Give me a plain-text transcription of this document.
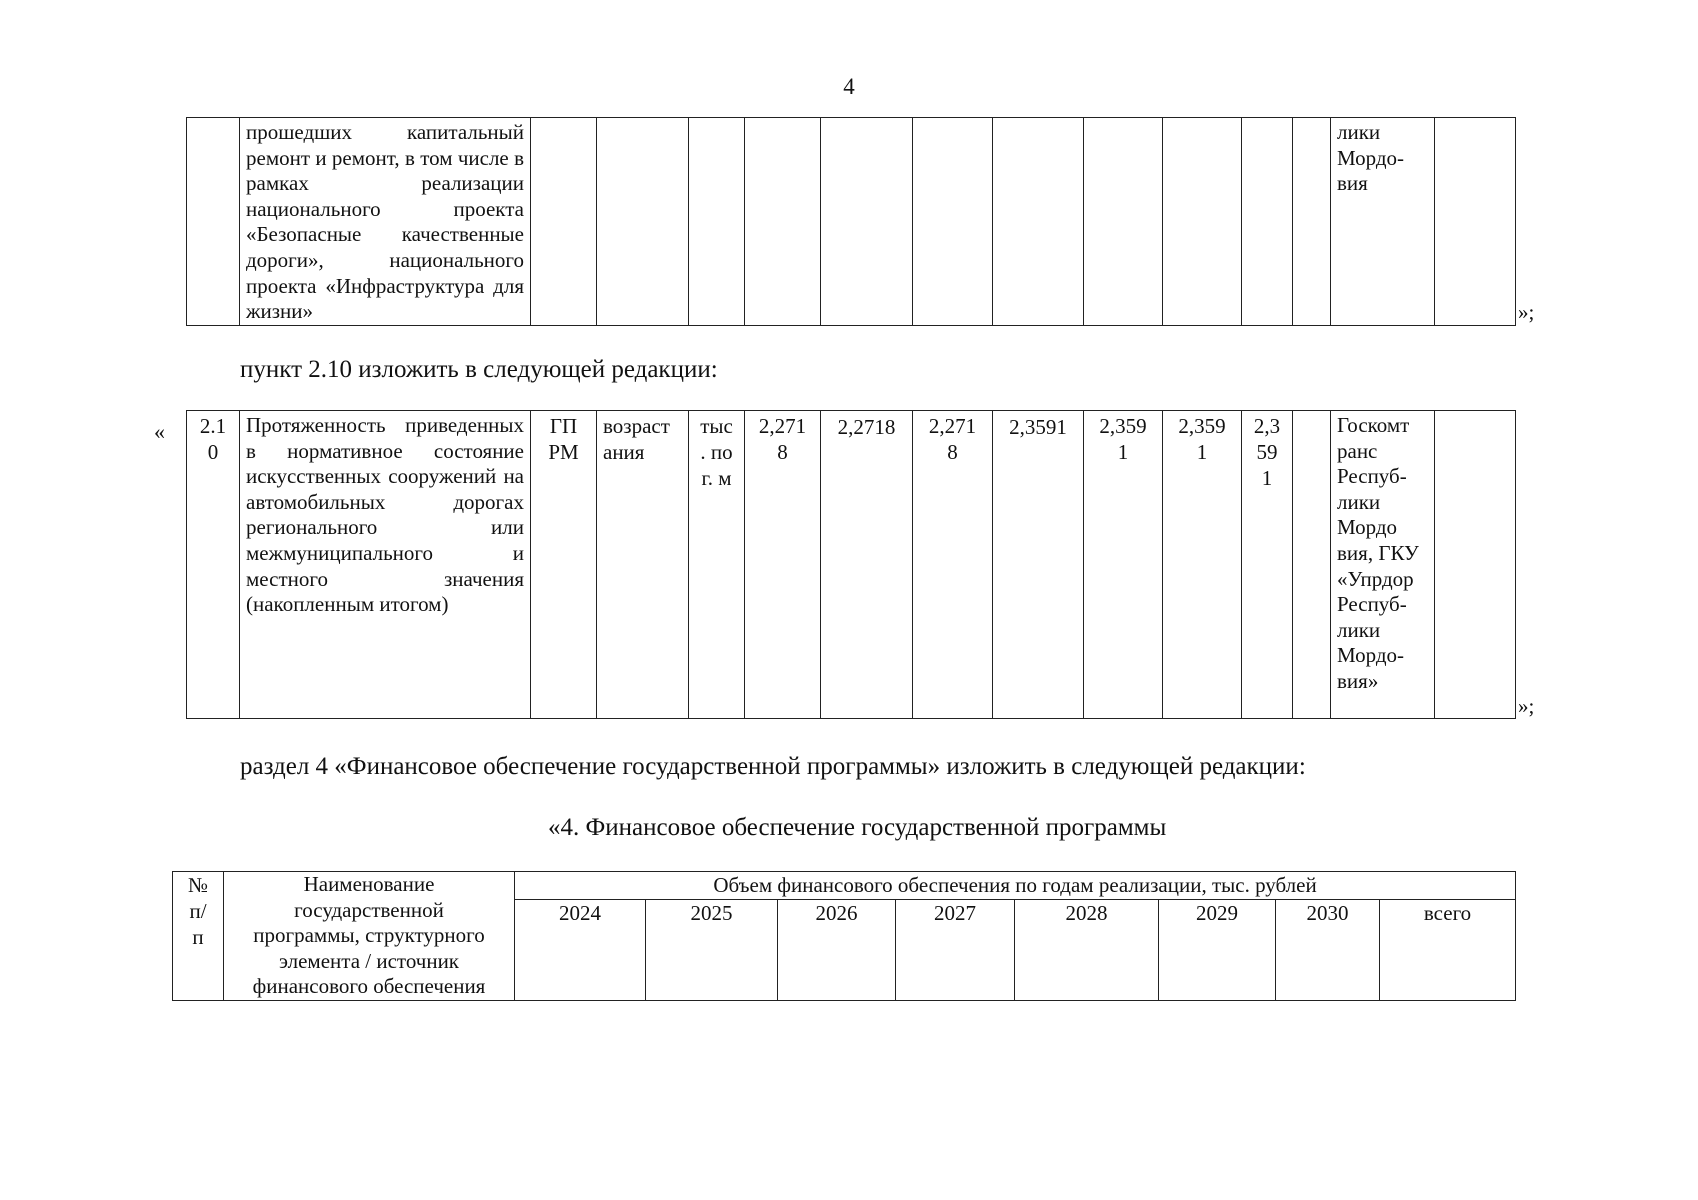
4
	прошедших капитальный ремонт и ремонт, в том числе в рамках реализации национального проекта «Безопасные качественные дороги», национального проекта «Инфраструктура для жизни»												лики Мордо-вия	
»;
пункт 2.10 изложить в следующей редакции:
« 2.1 0	Протяженность приведенных в нормативное состояние искусственных сооружений на автомобильных дорогах регионального или межмуниципального и местного значения (накопленным итогом)	ГП РМ	возраст ания	тыс . по г. м	2,271 8	2,2718	2,271 8	2,3591	2,359 1	2,359 1	2,3 59 1		Госкомт ранс Респуб-лики Мордо вия, ГКУ «Упрдор Респуб-лики Мордо-вия»	
»;
раздел 4 «Финансовое обеспечение государственной программы» изложить в следующей редакции:
«4. Финансовое обеспечение государственной программы
№ п/ п	Наименование государственной программы, структурного элемента / источник финансового обеспечения	Объем финансового обеспечения по годам реализации, тыс. рублей							
		2024	2025	2026	2027	2028	2029	2030	всего
